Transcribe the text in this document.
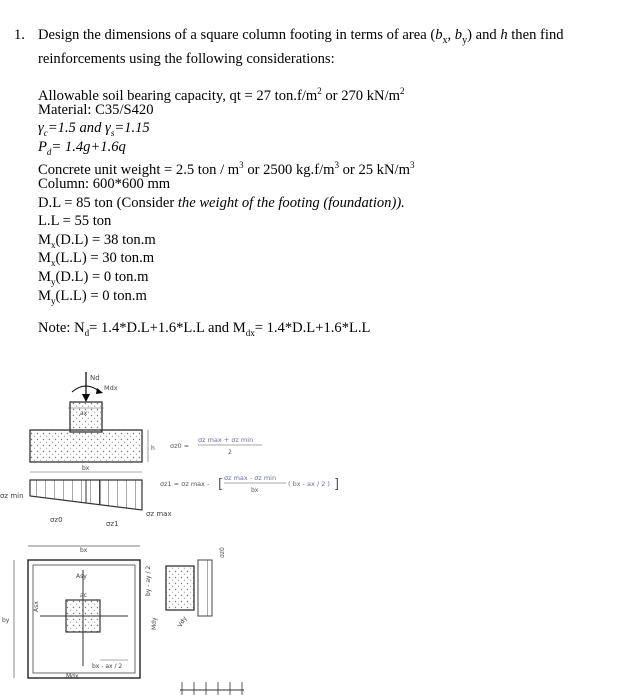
1. Design the dimensions of a square column footing in terms of area ($b_x$, $b_y$) and h then find reinforcements using the following considerations:
Allowable soil bearing capacity, qt = 27 $ton.f/m^2$ or 270 $kN/m^2$
Material: C35/S420
$\gamma_c=1.5$ and $\gamma_s=1.15$
$P_d= 1.4g+1.6q$
Concrete unit weight = 2.5 ton / $m^3$ or 2500 $kg.f/m^3$ or 25 $kN/m^3$
Column: 600*600 mm
D.L = 85 ton (Consider the weight of the footing (foundation)).
L.L = 55 ton
$M_x(D.L) = 38$ ton.m
$M_x(L.L) = 30$ ton.m
$M_y(D.L) = 0$ ton.m
$M_y(L.L) = 0$ ton.m
Note: $N_d= 1.4*D.L+1.6*L.L$ and $M_{dx}= 1.4*D.L+1.6*L.L$
Nd
Mdx
ax
h
bx
σz min
σz0	σz1
σz max
σz0 =
σz max + σz min
2
σz1 = σz max - [ σz max - σz min
bx
( bx - ax / 2 ) ]
bx
by
Asx
Asy
ac
bx - ax / 2
Mdx
by - ay / 2
σz0
Mdy	Vdy
